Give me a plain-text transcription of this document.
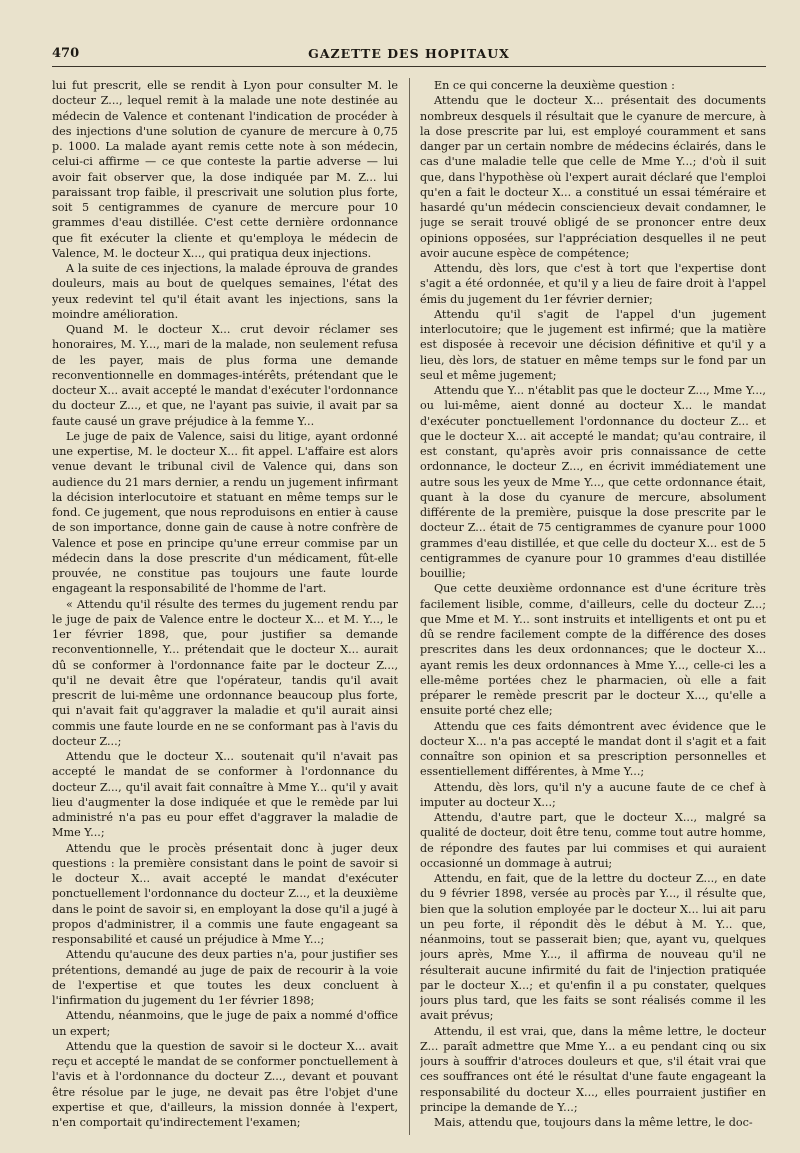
470	GAZETTE DES HOPITAUX

lui fut prescrit, elle se rendit à Lyon pour consulter M. le docteur Z..., lequel remit à la malade une note destinée au médecin de Valence et contenant l'indication de procéder à des injections d'une solution de cyanure de mercure à 0,75 p. 1000. La malade ayant remis cette note à son médecin, celui-ci affirme — ce que conteste la partie adverse — lui avoir fait observer que, la dose indiquée par M. Z... lui paraissant trop faible, il prescrivait une solution plus forte, soit 5 centigrammes de cyanure de mercure pour 10 grammes d'eau distillée. C'est cette dernière ordonnance que fit exécuter la cliente et qu'employa le médecin de Valence, M. le docteur X..., qui pratiqua deux injections.

A la suite de ces injections, la malade éprouva de grandes douleurs, mais au bout de quelques semaines, l'état des yeux redevint tel qu'il était avant les injections, sans la moindre amélioration.

Quand M. le docteur X... crut devoir réclamer ses honoraires, M. Y..., mari de la malade, non seulement refusa de les payer, mais de plus forma une demande reconventionnelle en dommages-intérêts, prétendant que le docteur X... avait accepté le mandat d'exécuter l'ordonnance du docteur Z..., et que, ne l'ayant pas suivie, il avait par sa faute causé un grave préjudice à la femme Y...

Le juge de paix de Valence, saisi du litige, ayant ordonné une expertise, M. le docteur X... fit appel. L'affaire est alors venue devant le tribunal civil de Valence qui, dans son audience du 21 mars dernier, a rendu un jugement infirmant la décision interlocutoire et statuant en même temps sur le fond. Ce jugement, que nous reproduisons en entier à cause de son importance, donne gain de cause à notre confrère de Valence et pose en principe qu'une erreur commise par un médecin dans la dose prescrite d'un médicament, fût-elle prouvée, ne constitue pas toujours une faute lourde engageant la responsabilité de l'homme de l'art.

« Attendu qu'il résulte des termes du jugement rendu par le juge de paix de Valence entre le docteur X... et M. Y..., le 1er février 1898, que, pour justifier sa demande reconventionnelle, Y... prétendait que le docteur X... aurait dû se conformer à l'ordonnance faite par le docteur Z..., qu'il ne devait être que l'opérateur, tandis qu'il avait prescrit de lui-même une ordonnance beaucoup plus forte, qui n'avait fait qu'aggraver la maladie et qu'il aurait ainsi commis une faute lourde en ne se conformant pas à l'avis du docteur Z...;

Attendu que le docteur X... soutenait qu'il n'avait pas accepté le mandat de se conformer à l'ordonnance du docteur Z..., qu'il avait fait connaître à Mme Y... qu'il y avait lieu d'augmenter la dose indiquée et que le remède par lui administré n'a pas eu pour effet d'aggraver la maladie de Mme Y...;

Attendu que le procès présentait donc à juger deux questions : la première consistant dans le point de savoir si le docteur X... avait accepté le mandat d'exécuter ponctuellement l'ordonnance du docteur Z..., et la deuxième dans le point de savoir si, en employant la dose qu'il a jugé à propos d'administrer, il a commis une faute engageant sa responsabilité et causé un préjudice à Mme Y...;

Attendu qu'aucune des deux parties n'a, pour justifier ses prétentions, demandé au juge de paix de recourir à la voie de l'expertise et que toutes les deux concluent à l'infirmation du jugement du 1er février 1898;

Attendu, néanmoins, que le juge de paix a nommé d'office un expert;

Attendu que la question de savoir si le docteur X... avait reçu et accepté le mandat de se conformer ponctuellement à l'avis et à l'ordonnance du docteur Z..., devant et pouvant être résolue par le juge, ne devait pas être l'objet d'une expertise et que, d'ailleurs, la mission donnée à l'expert, n'en comportait qu'indirectement l'examen;

En ce qui concerne la deuxième question :

Attendu que le docteur X... présentait des documents nombreux desquels il résultait que le cyanure de mercure, à la dose prescrite par lui, est employé couramment et sans danger par un certain nombre de médecins éclairés, dans le cas d'une maladie telle que celle de Mme Y...; d'où il suit que, dans l'hypothèse où l'expert aurait déclaré que l'emploi qu'en a fait le docteur X... a constitué un essai téméraire et hasardé qu'un médecin consciencieux devait condamner, le juge se serait trouvé obligé de se prononcer entre deux opinions opposées, sur l'appréciation desquelles il ne peut avoir aucune espèce de compétence;

Attendu, dès lors, que c'est à tort que l'expertise dont s'agit a été ordonnée, et qu'il y a lieu de faire droit à l'appel émis du jugement du 1er février dernier;

Attendu qu'il s'agit de l'appel d'un jugement interlocutoire; que le jugement est infirmé; que la matière est disposée à recevoir une décision définitive et qu'il y a lieu, dès lors, de statuer en même temps sur le fond par un seul et même jugement;

Attendu que Y... n'établit pas que le docteur Z..., Mme Y..., ou lui-même, aient donné au docteur X... le mandat d'exécuter ponctuellement l'ordonnance du docteur Z... et que le docteur X... ait accepté le mandat; qu'au contraire, il est constant, qu'après avoir pris connaissance de cette ordonnance, le docteur Z..., en écrivit immédiatement une autre sous les yeux de Mme Y..., que cette ordonnance était, quant à la dose du cyanure de mercure, absolument différente de la première, puisque la dose prescrite par le docteur Z... était de 75 centigrammes de cyanure pour 1000 grammes d'eau distillée, et que celle du docteur X... est de 5 centigrammes de cyanure pour 10 grammes d'eau distillée bouillie;

Que cette deuxième ordonnance est d'une écriture très facilement lisible, comme, d'ailleurs, celle du docteur Z...; que Mme et M. Y... sont instruits et intelligents et ont pu et dû se rendre facilement compte de la différence des doses prescrites dans les deux ordonnances; que le docteur X... ayant remis les deux ordonnances à Mme Y..., celle-ci les a elle-même portées chez le pharmacien, où elle a fait préparer le remède prescrit par le docteur X..., qu'elle a ensuite porté chez elle;

Attendu que ces faits démontrent avec évidence que le docteur X... n'a pas accepté le mandat dont il s'agit et a fait connaître son opinion et sa prescription personnelles et essentiellement différentes, à Mme Y...;

Attendu, dès lors, qu'il n'y a aucune faute de ce chef à imputer au docteur X...;

Attendu, d'autre part, que le docteur X..., malgré sa qualité de docteur, doit être tenu, comme tout autre homme, de répondre des fautes par lui commises et qui auraient occasionné un dommage à autrui;

Attendu, en fait, que de la lettre du docteur Z..., en date du 9 février 1898, versée au procès par Y..., il résulte que, bien que la solution employée par le docteur X... lui ait paru un peu forte, il répondit dès le début à M. Y... que, néanmoins, tout se passerait bien; que, ayant vu, quelques jours après, Mme Y..., il affirma de nouveau qu'il ne résulterait aucune infirmité du fait de l'injection pratiquée par le docteur X...; et qu'enfin il a pu constater, quelques jours plus tard, que les faits se sont réalisés comme il les avait prévus;

Attendu, il est vrai, que, dans la même lettre, le docteur Z... paraît admettre que Mme Y... a eu pendant cinq ou six jours à souffrir d'atroces douleurs et que, s'il était vrai que ces souffrances ont été le résultat d'une faute engageant la responsabilité du docteur X..., elles pourraient justifier en principe la demande de Y...;

Mais, attendu que, toujours dans la même lettre, le doc-
